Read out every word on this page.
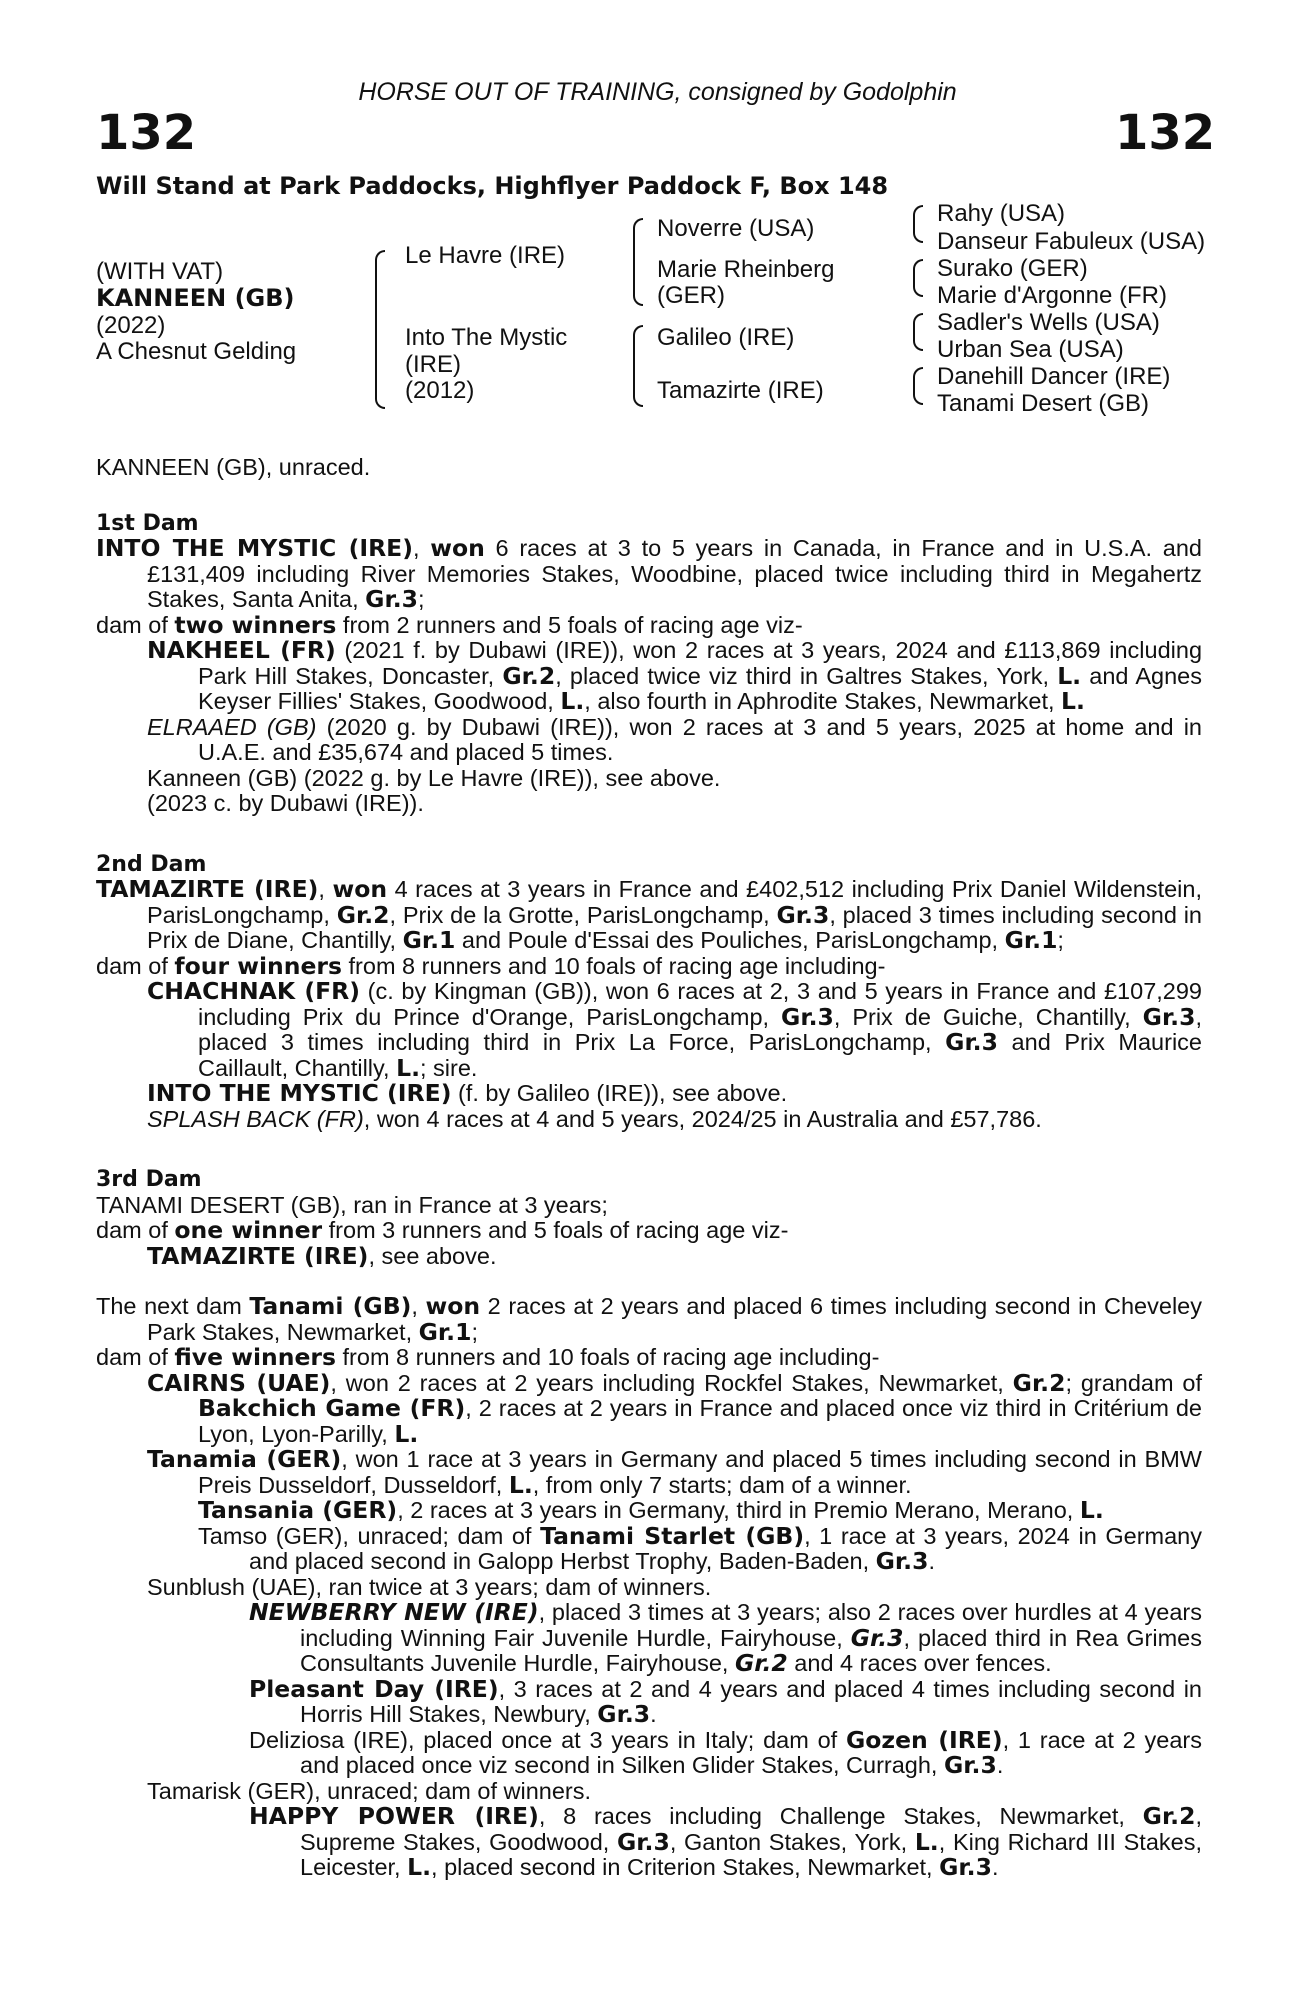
HORSE OUT OF TRAINING, consigned by Godolphin
132	132
Will Stand at Park Paddocks, Highflyer Paddock F, Box 148
(WITH VAT)
KANNEEN (GB)
(2022)
A Chesnut Gelding
Le Havre (IRE)
Into The Mystic
(IRE)
(2012)
Noverre (USA)
Marie Rheinberg
(GER)
Galileo (IRE)
Tamazirte (IRE)
Rahy (USA)
Danseur Fabuleux (USA)
Surako (GER)
Marie d'Argonne (FR)
Sadler's Wells (USA)
Urban Sea (USA)
Danehill Dancer (IRE)
Tanami Desert (GB)

KANNEEN (GB), unraced.

1st Dam

INTO THE MYSTIC (IRE), won 6 races at 3 to 5 years in Canada, in France and in U.S.A. and £131,409 including River Memories Stakes, Woodbine, placed twice including third in Megahertz Stakes, Santa Anita, Gr.3;

dam of two winners from 2 runners and 5 foals of racing age viz-

NAKHEEL (FR) (2021 f. by Dubawi (IRE)), won 2 races at 3 years, 2024 and £113,869 including Park Hill Stakes, Doncaster, Gr.2, placed twice viz third in Galtres Stakes, York, L. and Agnes Keyser Fillies' Stakes, Goodwood, L., also fourth in Aphrodite Stakes, Newmarket, L.

ELRAAED (GB) (2020 g. by Dubawi (IRE)), won 2 races at 3 and 5 years, 2025 at home and in U.A.E. and £35,674 and placed 5 times.

Kanneen (GB) (2022 g. by Le Havre (IRE)), see above.

(2023 c. by Dubawi (IRE)).

2nd Dam

TAMAZIRTE (IRE), won 4 races at 3 years in France and £402,512 including Prix Daniel Wildenstein, ParisLongchamp, Gr.2, Prix de la Grotte, ParisLongchamp, Gr.3, placed 3 times including second in Prix de Diane, Chantilly, Gr.1 and Poule d'Essai des Pouliches, ParisLongchamp, Gr.1;

dam of four winners from 8 runners and 10 foals of racing age including-

CHACHNAK (FR) (c. by Kingman (GB)), won 6 races at 2, 3 and 5 years in France and £107,299 including Prix du Prince d'Orange, ParisLongchamp, Gr.3, Prix de Guiche, Chantilly, Gr.3, placed 3 times including third in Prix La Force, ParisLongchamp, Gr.3 and Prix Maurice Caillault, Chantilly, L.; sire.

INTO THE MYSTIC (IRE) (f. by Galileo (IRE)), see above.

SPLASH BACK (FR), won 4 races at 4 and 5 years, 2024/25 in Australia and £57,786.

3rd Dam

TANAMI DESERT (GB), ran in France at 3 years;

dam of one winner from 3 runners and 5 foals of racing age viz-

TAMAZIRTE (IRE), see above.

The next dam Tanami (GB), won 2 races at 2 years and placed 6 times including second in Cheveley Park Stakes, Newmarket, Gr.1;

dam of five winners from 8 runners and 10 foals of racing age including-

CAIRNS (UAE), won 2 races at 2 years including Rockfel Stakes, Newmarket, Gr.2; grandam of Bakchich Game (FR), 2 races at 2 years in France and placed once viz third in Critérium de Lyon, Lyon-Parilly, L.

Tanamia (GER), won 1 race at 3 years in Germany and placed 5 times including second in BMW Preis Dusseldorf, Dusseldorf, L., from only 7 starts; dam of a winner.

Tansania (GER), 2 races at 3 years in Germany, third in Premio Merano, Merano, L.

Tamso (GER), unraced; dam of Tanami Starlet (GB), 1 race at 3 years, 2024 in Germany and placed second in Galopp Herbst Trophy, Baden-Baden, Gr.3.

Sunblush (UAE), ran twice at 3 years; dam of winners.

NEWBERRY NEW (IRE), placed 3 times at 3 years; also 2 races over hurdles at 4 years including Winning Fair Juvenile Hurdle, Fairyhouse, Gr.3, placed third in Rea Grimes Consultants Juvenile Hurdle, Fairyhouse, Gr.2 and 4 races over fences.

Pleasant Day (IRE), 3 races at 2 and 4 years and placed 4 times including second in Horris Hill Stakes, Newbury, Gr.3.

Deliziosa (IRE), placed once at 3 years in Italy; dam of Gozen (IRE), 1 race at 2 years and placed once viz second in Silken Glider Stakes, Curragh, Gr.3.

Tamarisk (GER), unraced; dam of winners.

HAPPY POWER (IRE), 8 races including Challenge Stakes, Newmarket, Gr.2, Supreme Stakes, Goodwood, Gr.3, Ganton Stakes, York, L., King Richard III Stakes, Leicester, L., placed second in Criterion Stakes, Newmarket, Gr.3.
